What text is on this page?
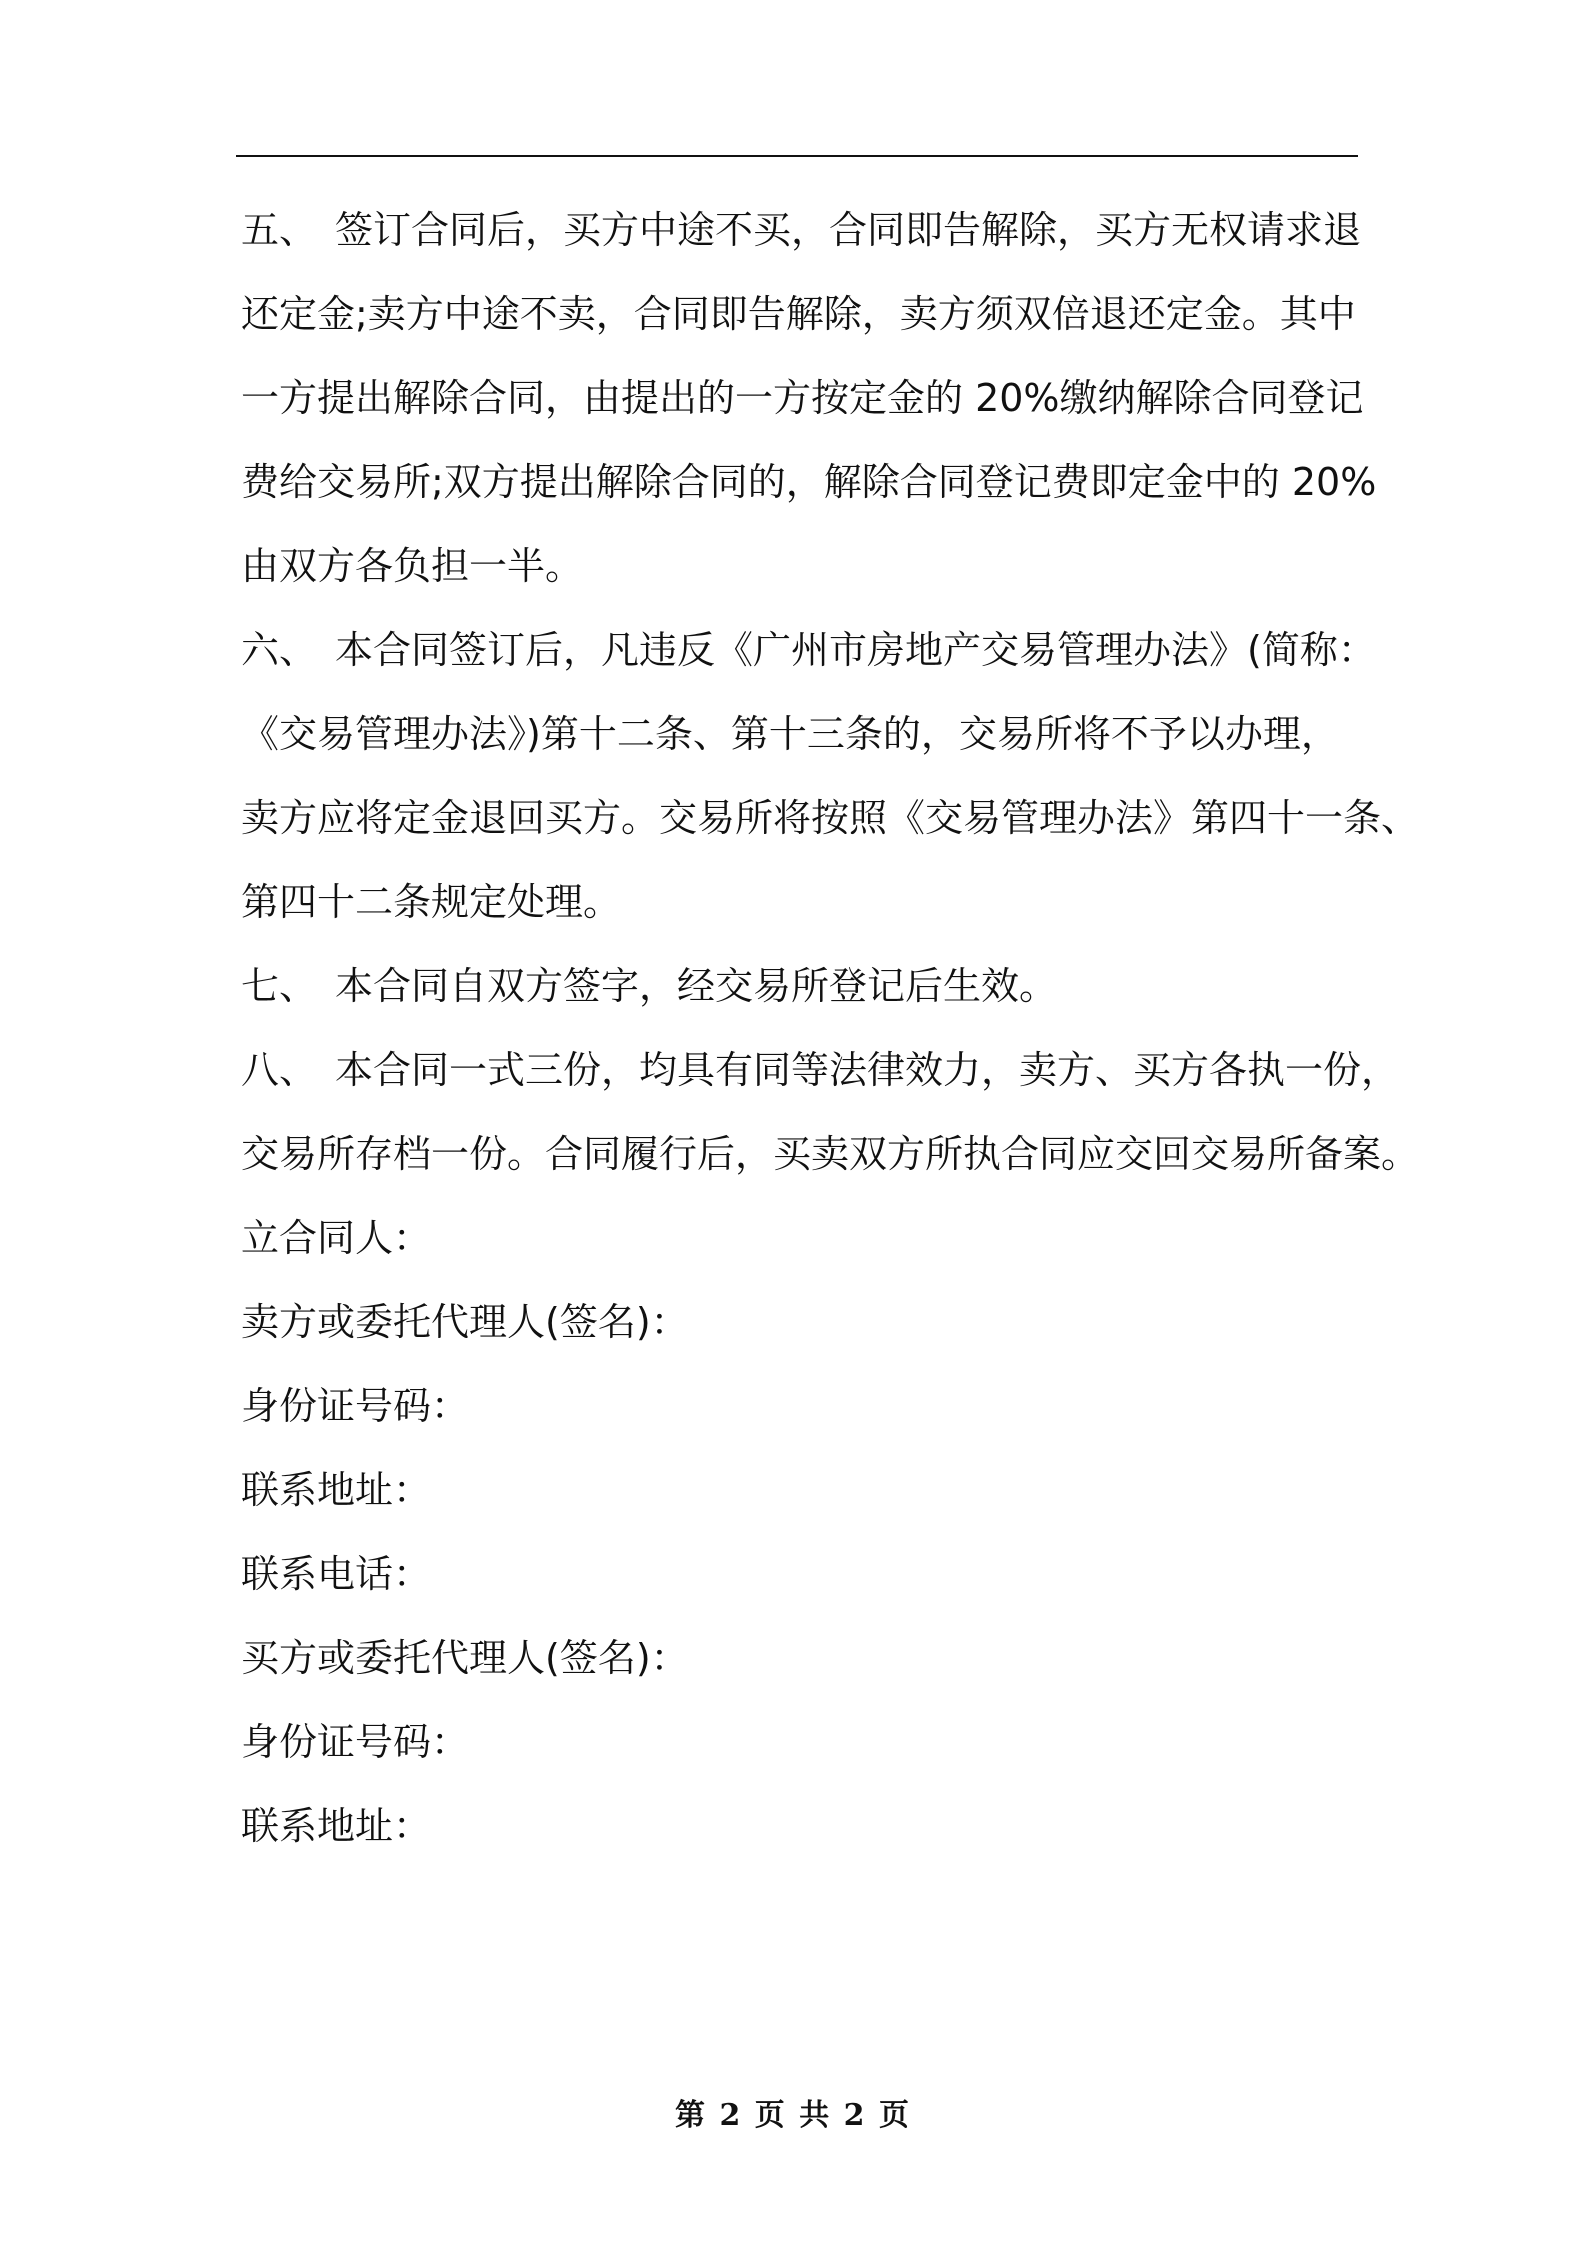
五、 签订合同后，买方中途不买，合同即告解除，买方无权请求退
还定金;卖方中途不卖，合同即告解除，卖方须双倍退还定金。其中
一方提出解除合同，由提出的一方按定金的 20%缴纳解除合同登记
费给交易所;双方提出解除合同的，解除合同登记费即定金中的 20%
由双方各负担一半。
六、 本合同签订后，凡违反《广州市房地产交易管理办法》(简称：
《交易管理办法》)第十二条、第十三条的，交易所将不予以办理，
卖方应将定金退回买方。交易所将按照《交易管理办法》第四十一条、
第四十二条规定处理。
七、 本合同自双方签字，经交易所登记后生效。
八、 本合同一式三份，均具有同等法律效力，卖方、买方各执一份，
交易所存档一份。合同履行后，买卖双方所执合同应交回交易所备案。
立合同人：
卖方或委托代理人(签名)：
身份证号码：
联系地址：
联系电话：
买方或委托代理人(签名)：
身份证号码：
联系地址：
第 2 页 共 2 页
